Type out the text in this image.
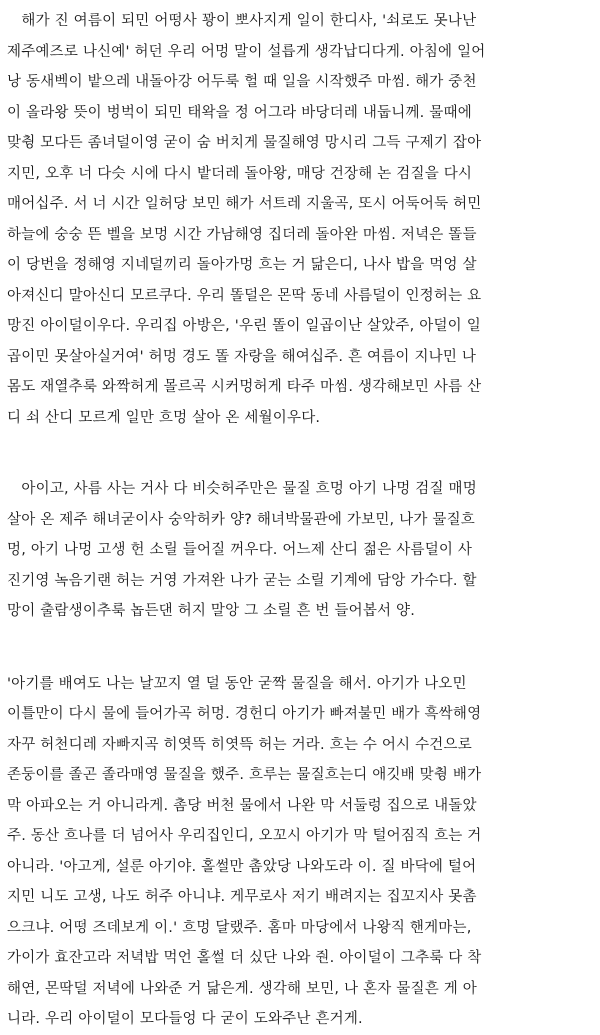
해가 진 여름이 되민 어떵사 꽝이 뽀사지게 일이 한디사, '쇠로도 못나난
제주예즈로 나신예' 허던 우리 어멍 말이 설릅게 생각납디다게. 아침에 일어
낭 동새벡이 밭으레 내돌아강 어두룩 헐 때 일을 시작했주 마씸. 해가 중천
이 올라왕 뜻이 벙벅이 되민 태왁을 정 어그라 바당더레 내둡니께. 물때에
맞췽 모다든 좀녀덜이영 굳이 숨 버치게 물질해영 망시리 그득 구제기 잡아
지민, 오후 너 다슷 시에 다시 밭더레 돌아왕, 매당 건장해 논 검질을 다시
매어십주. 서 너 시간 일허당 보민 해가 서트레 지울곡, 또시 어둑어둑 허민
하늘에 숭숭 뜬 벨을 보멍 시간 가남해영 집더레 돌아완 마씸. 저녁은 똘들
이 당번을 정해영 지네덜끼리 돌아가멍 흐는 거 닮은디, 나사 밥을 먹엉 살
아져신디 말아신디 모르쿠다. 우리 똘덜은 몬딱 동네 사름덜이 인정허는 요
망진 아이덜이우다. 우리집 아방은, '우린 똘이 일곱이난 살았주, 아덜이 일
곱이민 못살아실거여' 허멍 경도 똘 자랑을 해여십주. 흔 여름이 지나민 나
몸도 재열추룩 와짝허게 몰르곡 시커멍허게 타주 마씸. 생각해보민 사름 산
디 쇠 산디 모르게 일만 흐멍 살아 온 세월이우다.
아이고, 사름 사는 거사 다 비슷허주만은 물질 흐멍 아기 나멍 검질 매멍
살아 온 제주 해녀굳이사 숭악허카 양? 해녀박물관에 가보민, 나가 물질흐
멍, 아기 나멍 고생 헌 소릴 들어질 꺼우다. 어느제 산디 젊은 사름덜이 사
진기영 녹음기랜 허는 거영 가져완 나가 굳는 소릴 기계에 담앙 가수다. 할
망이 출람생이추룩 놉든댄 허지 말앙 그 소릴 흔 번 들어봅서 양.
'아기를 배여도 나는 날꼬지 열 덜 동안 굳짝 물질을 해서. 아기가 나오민
이틀만이 다시 물에 들어가곡 허멍. 경헌디 아기가 빠져불민 배가 흑싹해영
자꾸 허천디레 자빠지곡 히엿뜩 히엿뜩 허는 거라. 흐는 수 어시 수건으로
존둥이를 졸곤 졸라매영 물질을 했주. 흐루는 물질흐는디 애깃배 맞췽 배가
막 아파오는 거 아니라게. 촘당 버천 물에서 나완 막 서둘렁 집으로 내돌았
주. 동산 흐나를 더 넘어사 우리집인디, 오꼬시 아기가 막 털어짐직 흐는 거
아니라. '아고게, 설룬 아기야. 홀썰만 촘았당 나와도라 이. 질 바닥에 털어
지민 니도 고생, 나도 허주 아니냐. 게무로사 저기 배려지는 집꼬지사 못촘
으크냐. 어떵 즈데보게 이.' 흐멍 달랬주. 홈마 마당에서 나왕직 핸게마는,
가이가 효잔고라 저녁밥 먹언 홀썰 더 싰단 나와 줜. 아이덜이 그추룩 다 착
해연, 몬딱덜 저녁에 나와준 거 닮은게. 생각해 보민, 나 혼자 물질흔 게 아
니라. 우리 아이덜이 모다들엉 다 굳이 도와주난 흔거게.
